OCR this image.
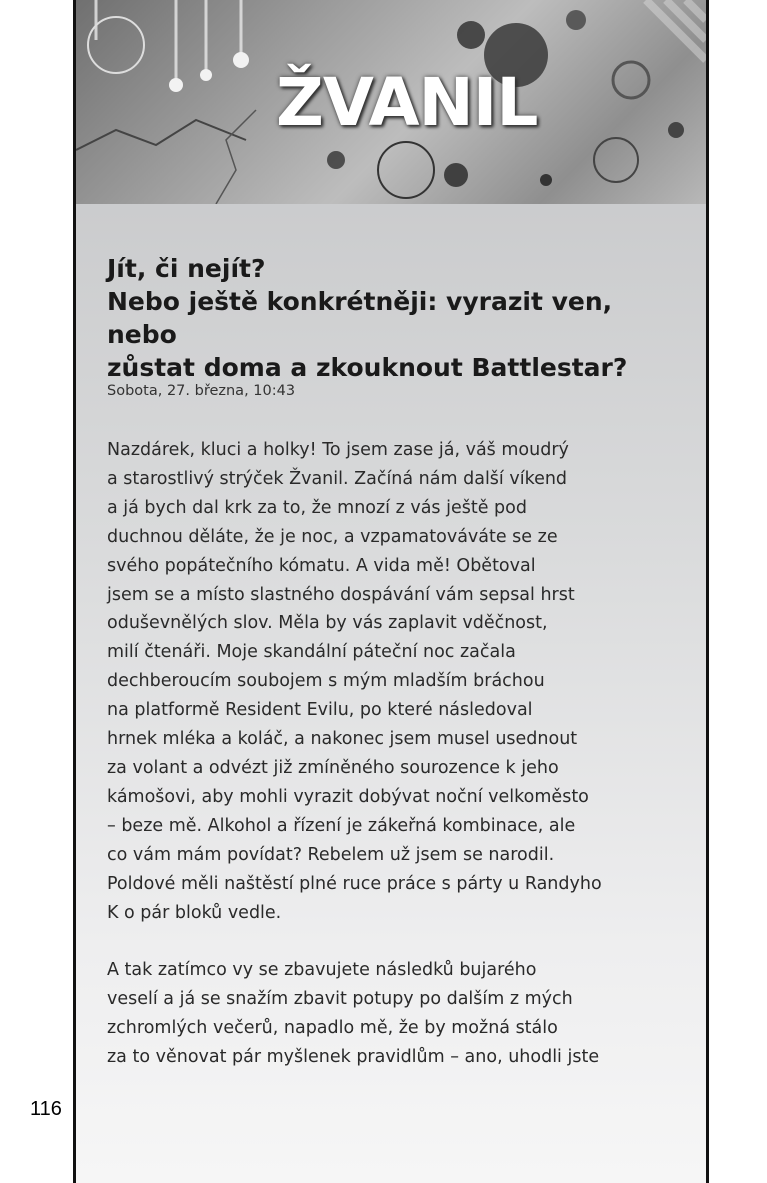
ŽVANIL
Jít, či nejít?
Nebo ještě konkrétněji: vyrazit ven, nebo
zůstat doma a zkouknout Battlestar?
Sobota, 27. března, 10:43
Nazdárek, kluci a holky! To jsem zase já, váš moudrý
a starostlivý strýček Žvanil. Začíná nám další víkend
a já bych dal krk za to, že mnozí z vás ještě pod
duchnou děláte, že je noc, a vzpamatováváte se ze
svého popátečního kómatu. A vida mě! Obětoval
jsem se a místo slastného dospávání vám sepsal hrst
oduševnělých slov. Měla by vás zaplavit vděčnost,
milí čtenáři. Moje skandální páteční noc začala
dechberoucím soubojem s mým mladším bráchou
na platformě Resident Evilu, po které následoval
hrnek mléka a koláč, a nakonec jsem musel usednout
za volant a odvézt již zmíněného sourozence k jeho
kámošovi, aby mohli vyrazit dobývat noční velkoměsto
– beze mě. Alkohol a řízení je zákeřná kombinace, ale
co vám mám povídat? Rebelem už jsem se narodil.
Poldové měli naštěstí plné ruce práce s párty u Randyho
K o pár bloků vedle.
A tak zatímco vy se zbavujete následků bujarého
veselí a já se snažím zbavit potupy po dalším z mých
zchromlých večerů, napadlo mě, že by možná stálo
za to věnovat pár myšlenek pravidlům – ano, uhodli jste
116
